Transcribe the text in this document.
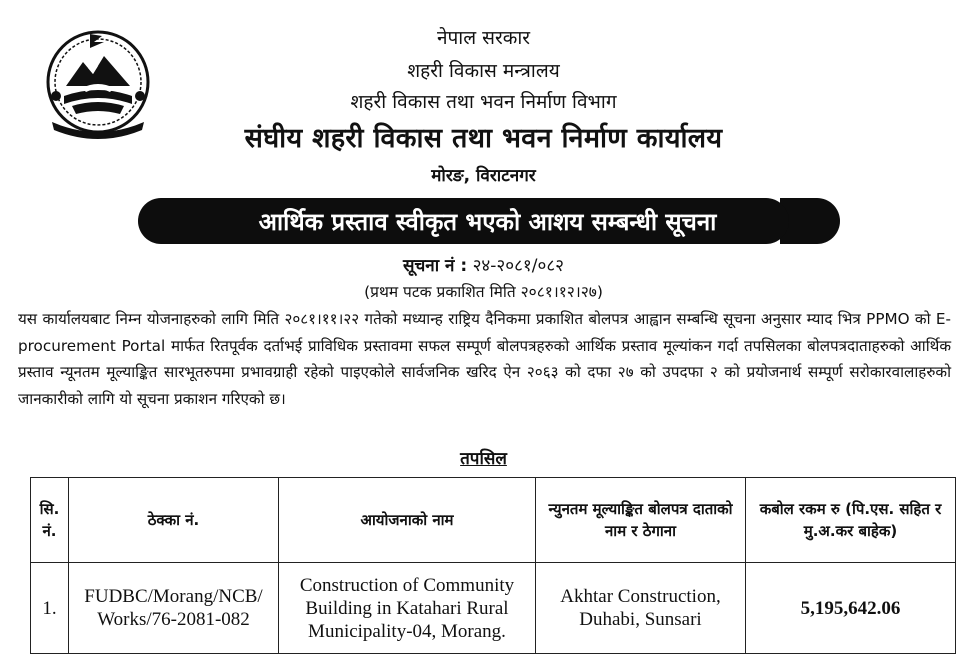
नेपाल सरकार
नेपाल सरकार
शहरी विकास मन्त्रालय
शहरी विकास तथा भवन निर्माण विभाग
संघीय शहरी विकास तथा भवन निर्माण कार्यालय
मोरङ, विराटनगर
आर्थिक प्रस्ताव स्वीकृत भएको आशय सम्बन्धी सूचना
सूचना नं : २४-२०८१/०८२
(प्रथम पटक प्रकाशित मिति २०८१।१२।२७)
यस कार्यालयबाट निम्न योजनाहरुको लागि मिति २०८१।११।२२ गतेको मध्यान्ह राष्ट्रिय दैनिकमा प्रकाशित बोलपत्र आह्वान सम्बन्धि सूचना अनुसार म्याद भित्र PPMO को E-procurement Portal मार्फत रितपूर्वक दर्ताभई प्राविधिक प्रस्तावमा सफल सम्पूर्ण बोलपत्रहरुको आर्थिक प्रस्ताव मूल्यांकन गर्दा तपसिलका बोलपत्रदाताहरुको आर्थिक प्रस्ताव न्यूनतम मूल्याङ्कित सारभूतरुपमा प्रभावग्राही रहेको पाइएकोले सार्वजनिक खरिद ऐन २०६३ को दफा २७ को उपदफा २ को प्रयोजनार्थ सम्पूर्ण सरोकारवालाहरुको जानकारीको लागि यो सूचना प्रकाशन गरिएको छ।
तपसिल
सि. नं.	ठेक्का नं.	आयोजनाको नाम	न्युनतम मूल्याङ्कित बोलपत्र दाताको नाम र ठेगाना	कबोल रकम रु (पि.एस. सहित र मु.अ.कर बाहेक)
1.	FUDBC/Morang/NCB/ Works/76-2081-082	Construction of Community Building in Katahari Rural Municipality-04, Morang.	Akhtar Construction, Duhabi, Sunsari	5,195,642.06
